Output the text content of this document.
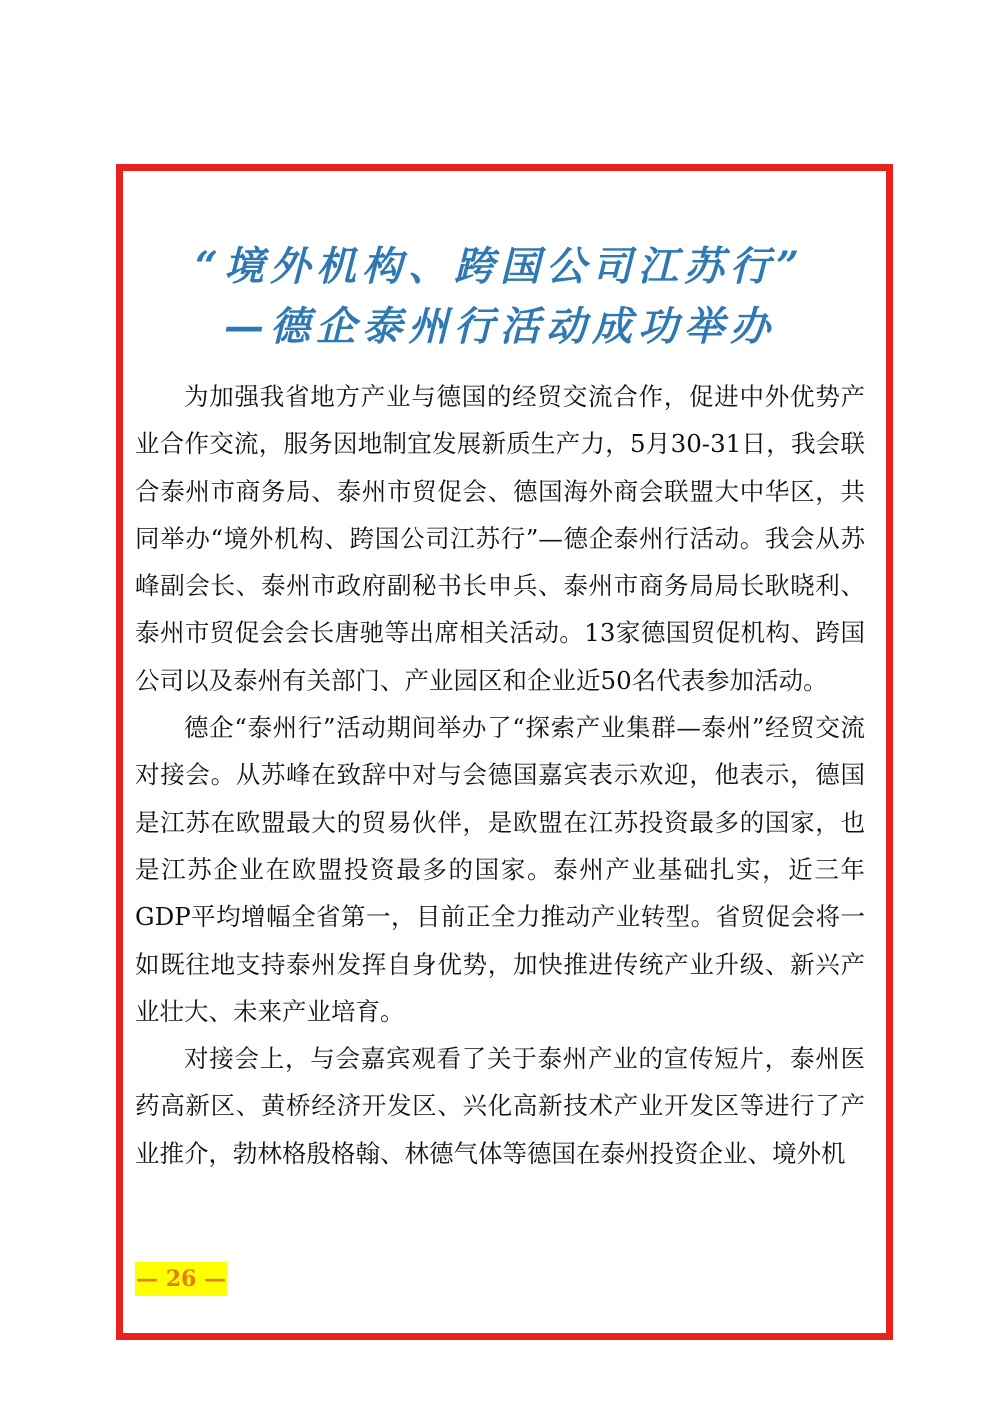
“境外机构、跨国公司江苏行”
—德企泰州行活动成功举办

为加强我省地方产业与德国的经贸交流合作，促进中外优势产业合作交流，服务因地制宜发展新质生产力，5月30-31日，我会联合泰州市商务局、泰州市贸促会、德国海外商会联盟大中华区，共同举办“境外机构、跨国公司江苏行”—德企泰州行活动。我会从苏峰副会长、泰州市政府副秘书长申兵、泰州市商务局局长耿晓利、泰州市贸促会会长唐驰等出席相关活动。13家德国贸促机构、跨国公司以及泰州有关部门、产业园区和企业近50名代表参加活动。

德企“泰州行”活动期间举办了“探索产业集群—泰州”经贸交流对接会。从苏峰在致辞中对与会德国嘉宾表示欢迎，他表示，德国是江苏在欧盟最大的贸易伙伴，是欧盟在江苏投资最多的国家，也是江苏企业在欧盟投资最多的国家。泰州产业基础扎实，近三年GDP平均增幅全省第一，目前正全力推动产业转型。省贸促会将一如既往地支持泰州发挥自身优势，加快推进传统产业升级、新兴产业壮大、未来产业培育。

对接会上，与会嘉宾观看了关于泰州产业的宣传短片，泰州医药高新区、黄桥经济开发区、兴化高新技术产业开发区等进行了产业推介，勃林格殷格翰、林德气体等德国在泰州投资企业、境外机

— 26 —
